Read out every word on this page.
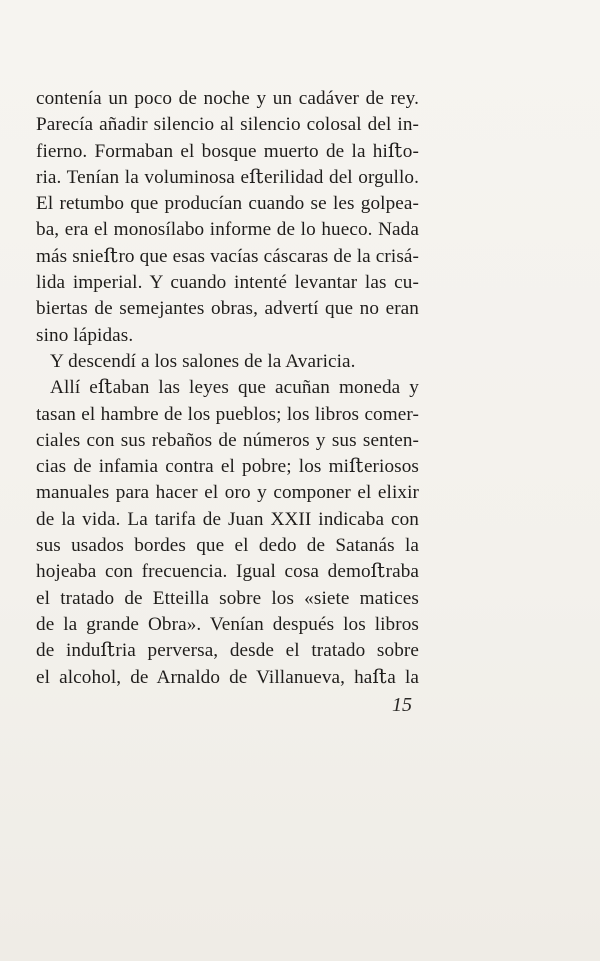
contenía un poco de noche y un cadáver de rey.
Parecía añadir silencio al silencio colosal del in-
fierno. Formaban el bosque muerto de la hiﬅo-
ria. Tenían la voluminosa eﬅerilidad del orgullo.
El retumbo que producían cuando se les golpea-
ba, era el monosílabo informe de lo hueco. Nada
más snieﬅro que esas vacías cáscaras de la crisá-
lida imperial. Y cuando intenté levantar las cu-
biertas de semejantes obras, advertí que no eran
sino lápidas.
Y descendí a los salones de la Avaricia.
Allí eﬅaban las leyes que acuñan moneda y
tasan el hambre de los pueblos; los libros comer-
ciales con sus rebaños de números y sus senten-
cias de infamia contra el pobre; los miﬅeriosos
manuales para hacer el oro y componer el elixir
de la vida. La tarifa de Juan XXII indicaba con
sus usados bordes que el dedo de Satanás la
hojeaba con frecuencia. Igual cosa demoﬅraba
el tratado de Etteilla sobre los «siete matices
de la grande Obra». Venían después los libros
de induﬅria perversa, desde el tratado sobre
el alcohol, de Arnaldo de Villanueva, haﬅa la
15
